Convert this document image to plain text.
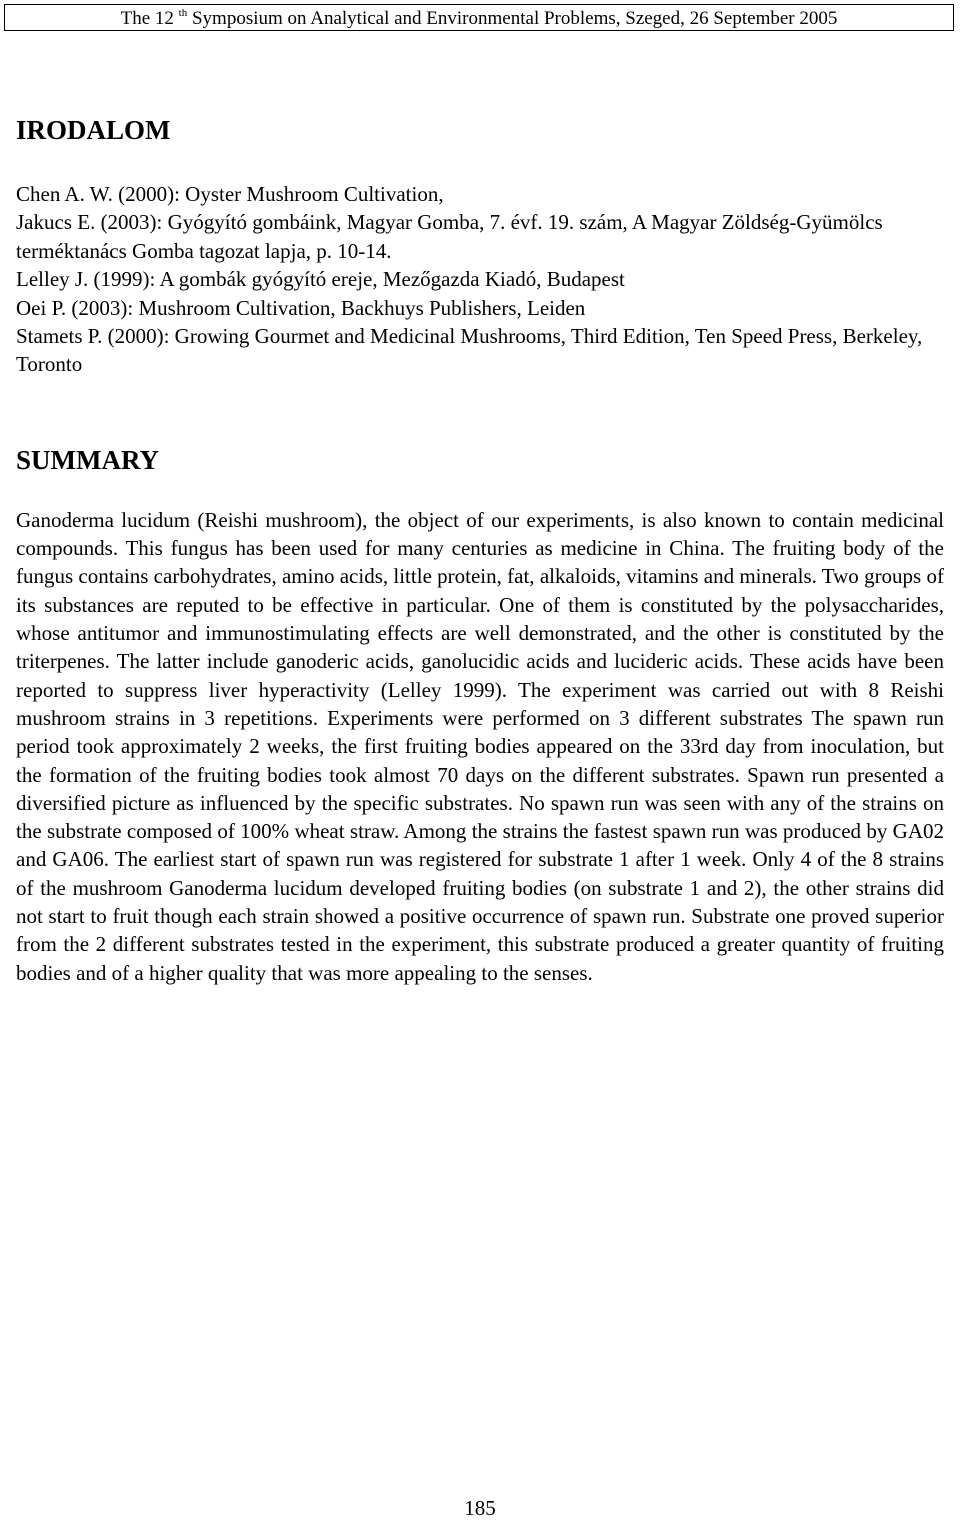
The 12 $^{th}$ Symposium on Analytical and Environmental Problems, Szeged, 26 September 2005
IRODALOM

Chen A. W. (2000): Oyster Mushroom Cultivation,

Jakucs E. (2003): Gyógyító gombáink, Magyar Gomba, 7. évf. 19. szám, A Magyar Zöldség-Gyümölcs terméktanács Gomba tagozat lapja, p. 10-14.

Lelley J. (1999): A gombák gyógyító ereje, Mezőgazda Kiadó, Budapest

Oei P. (2003): Mushroom Cultivation, Backhuys Publishers, Leiden

Stamets P. (2000): Growing Gourmet and Medicinal Mushrooms, Third Edition, Ten Speed Press, Berkeley, Toronto

SUMMARY

Ganoderma lucidum (Reishi mushroom), the object of our experiments, is also known to contain medicinal compounds. This fungus has been used for many centuries as medicine in China. The fruiting body of the fungus contains carbohydrates, amino acids, little protein, fat, alkaloids, vitamins and minerals. Two groups of its substances are reputed to be effective in particular. One of them is constituted by the polysaccharides, whose antitumor and immunostimulating effects are well demonstrated, and the other is constituted by the triterpenes. The latter include ganoderic acids, ganolucidic acids and lucideric acids. These acids have been reported to suppress liver hyperactivity (Lelley 1999). The experiment was carried out with 8 Reishi mushroom strains in 3 repetitions. Experiments were performed on 3 different substrates The spawn run period took approximately 2 weeks, the first fruiting bodies appeared on the 33rd day from inoculation, but the formation of the fruiting bodies took almost 70 days on the different substrates. Spawn run presented a diversified picture as influenced by the specific substrates. No spawn run was seen with any of the strains on the substrate composed of 100% wheat straw. Among the strains the fastest spawn run was produced by GA02 and GA06. The earliest start of spawn run was registered for substrate 1 after 1 week. Only 4 of the 8 strains of the mushroom Ganoderma lucidum developed fruiting bodies (on substrate 1 and 2), the other strains did not start to fruit though each strain showed a positive occurrence of spawn run. Substrate one proved superior from the 2 different substrates tested in the experiment, this substrate produced a greater quantity of fruiting bodies and of a higher quality that was more appealing to the senses.

185
